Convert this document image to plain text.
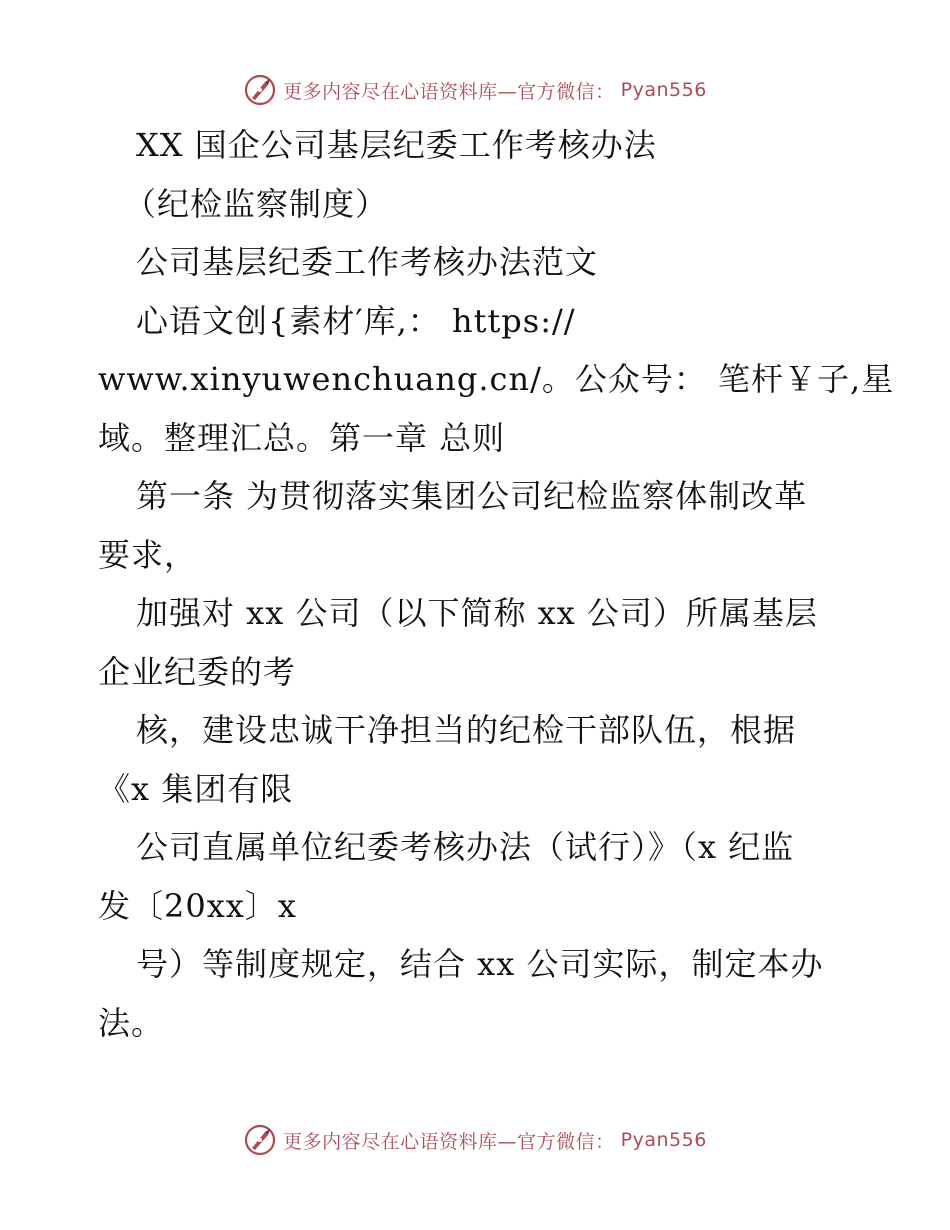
更多内容尽在心语资料库—官方微信： Pyan556
XX 国企公司基层纪委工作考核办法
（纪检监察制度）
公司基层纪委工作考核办法范文
心语文创{素材′库,： https://
www.xinyuwenchuang.cn/。公众号： 笔杆￥子,星
域。整理汇总。第一章 总则
第一条 为贯彻落实集团公司纪检监察体制改革
要求，
加强对 xx 公司（以下简称 xx 公司）所属基层
企业纪委的考
核，建设忠诚干净担当的纪检干部队伍，根据
《x 集团有限
公司直属单位纪委考核办法（试行）》（x 纪监
发〔20xx〕x
号）等制度规定，结合 xx 公司实际，制定本办
法。
更多内容尽在心语资料库—官方微信： Pyan556
